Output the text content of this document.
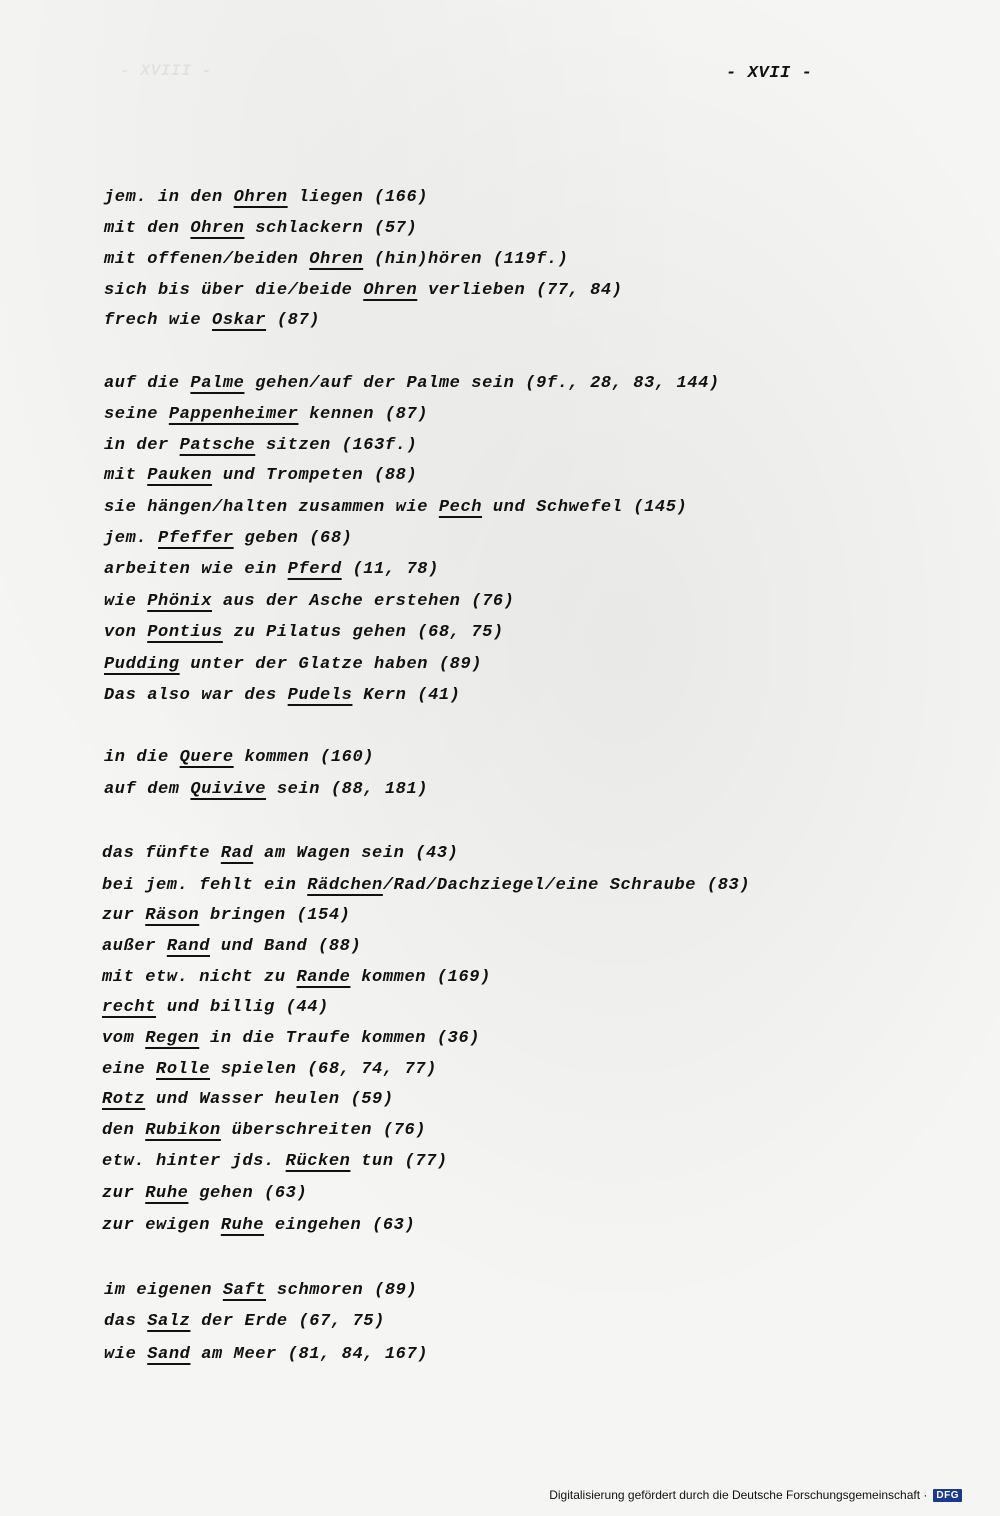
- XVIII -	- XVII -
jem. in den Ohren liegen (166)
mit den Ohren schlackern (57)
mit offenen/beiden Ohren (hin)hören (119f.)
sich bis über die/beide Ohren verlieben (77, 84)
frech wie Oskar (87)
auf die Palme gehen/auf der Palme sein (9f., 28, 83, 144)
seine Pappenheimer kennen (87)
in der Patsche sitzen (163f.)
mit Pauken und Trompeten (88)
sie hängen/halten zusammen wie Pech und Schwefel (145)
jem. Pfeffer geben (68)
arbeiten wie ein Pferd (11, 78)
wie Phönix aus der Asche erstehen (76)
von Pontius zu Pilatus gehen (68, 75)
Pudding unter der Glatze haben (89)
Das also war des Pudels Kern (41)
in die Quere kommen (160)
auf dem Quivive sein (88, 181)
das fünfte Rad am Wagen sein (43)
bei jem. fehlt ein Rädchen/Rad/Dachziegel/eine Schraube (83)
zur Räson bringen (154)
außer Rand und Band (88)
mit etw. nicht zu Rande kommen (169)
recht und billig (44)
vom Regen in die Traufe kommen (36)
eine Rolle spielen (68, 74, 77)
Rotz und Wasser heulen (59)
den Rubikon überschreiten (76)
etw. hinter jds. Rücken tun (77)
zur Ruhe gehen (63)
zur ewigen Ruhe eingehen (63)
im eigenen Saft schmoren (89)
das Salz der Erde (67, 75)
wie Sand am Meer (81, 84, 167)
Digitalisierung gefördert durch die Deutsche Forschungsgemeinschaft · DFG
